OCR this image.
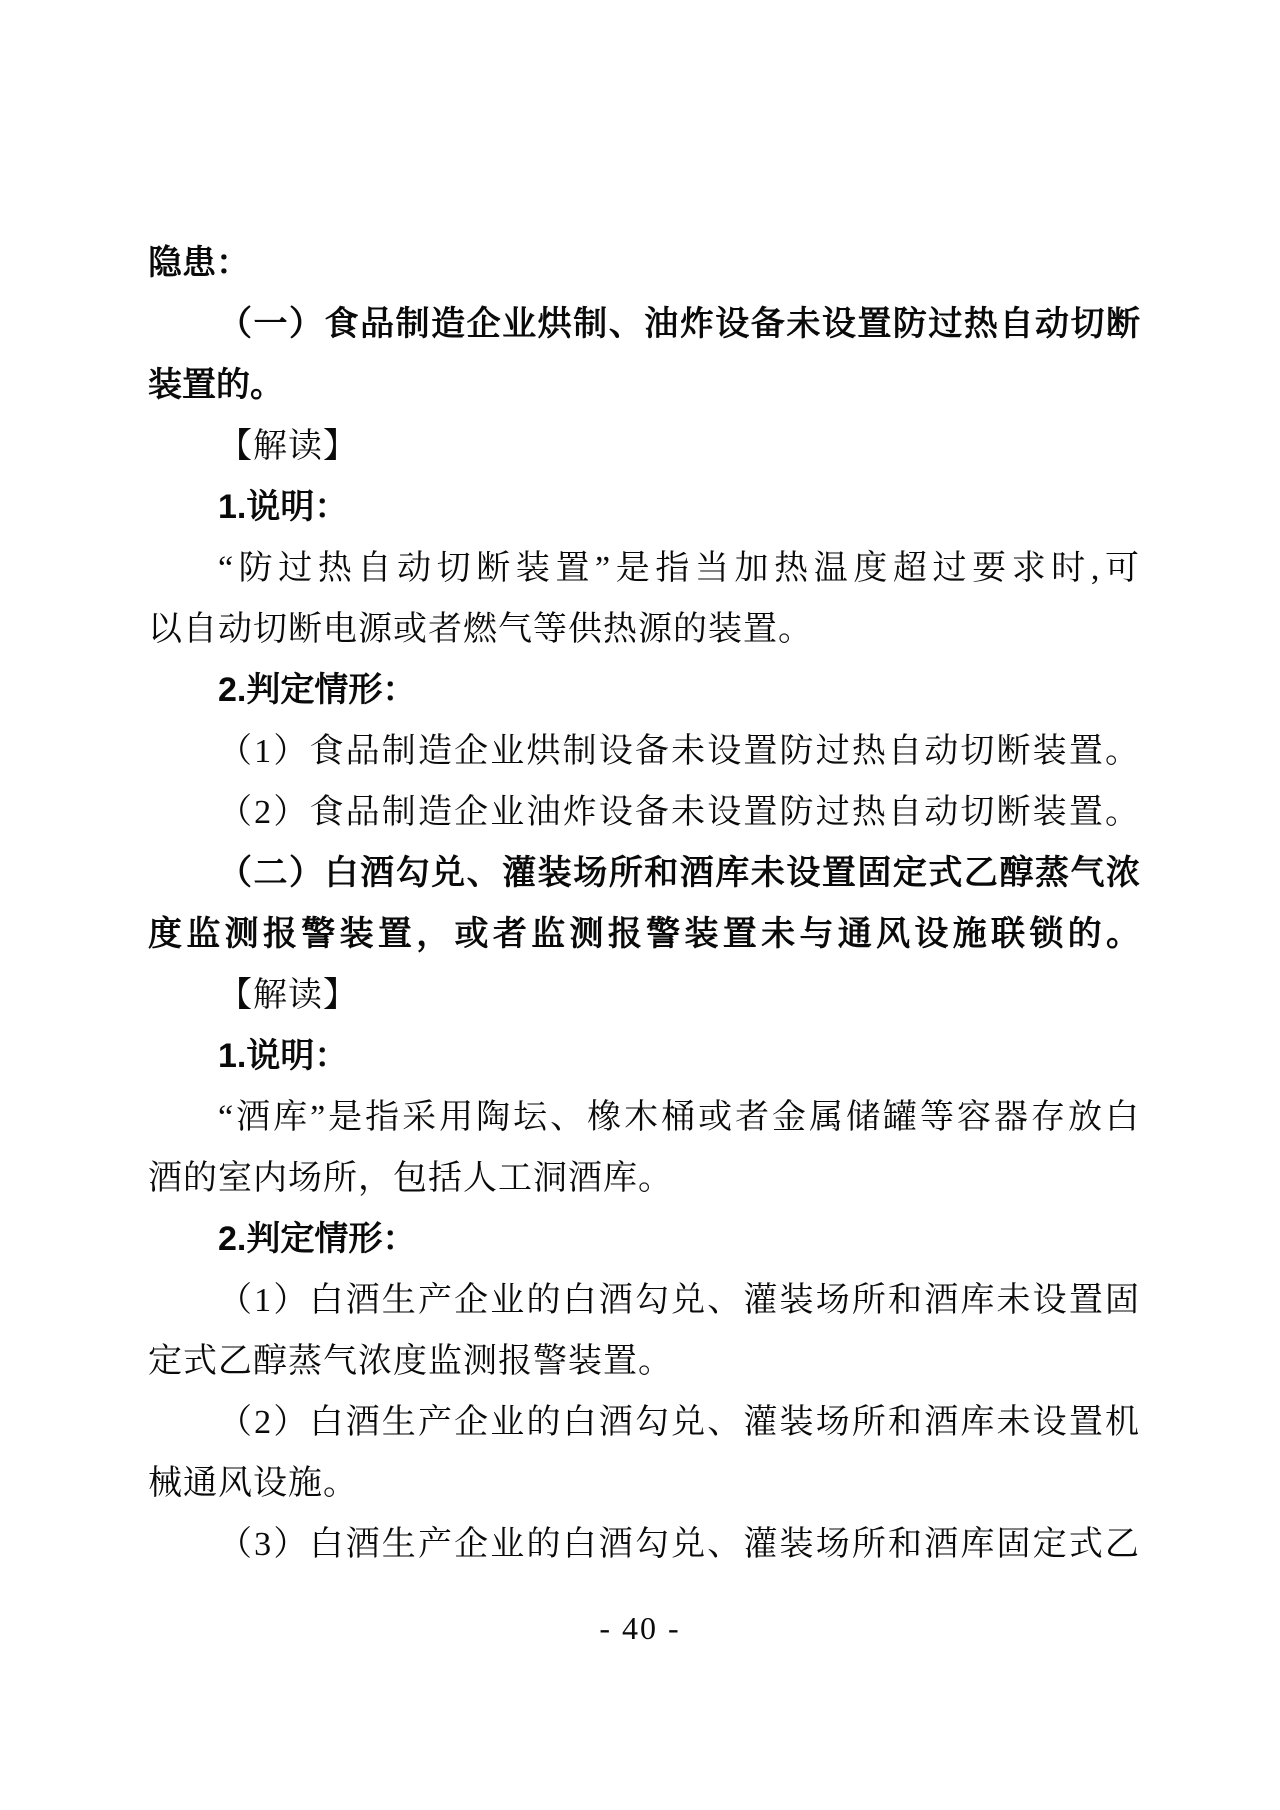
隐患：
（一）食品制造企业烘制、油炸设备未设置防过热自动切断
装置的。
【解读】
1.说明：
“防过热自动切断装置”是指当加热温度超过要求时,可
以自动切断电源或者燃气等供热源的装置。
2.判定情形：
（1）食品制造企业烘制设备未设置防过热自动切断装置。
（2）食品制造企业油炸设备未设置防过热自动切断装置。
（二）白酒勾兑、灌装场所和酒库未设置固定式乙醇蒸气浓
度监测报警装置，或者监测报警装置未与通风设施联锁的。
【解读】
1.说明：
“酒库”是指采用陶坛、橡木桶或者金属储罐等容器存放白
酒的室内场所，包括人工洞酒库。
2.判定情形：
（1）白酒生产企业的白酒勾兑、灌装场所和酒库未设置固
定式乙醇蒸气浓度监测报警装置。
（2）白酒生产企业的白酒勾兑、灌装场所和酒库未设置机
械通风设施。
（3）白酒生产企业的白酒勾兑、灌装场所和酒库固定式乙
- 40 -
